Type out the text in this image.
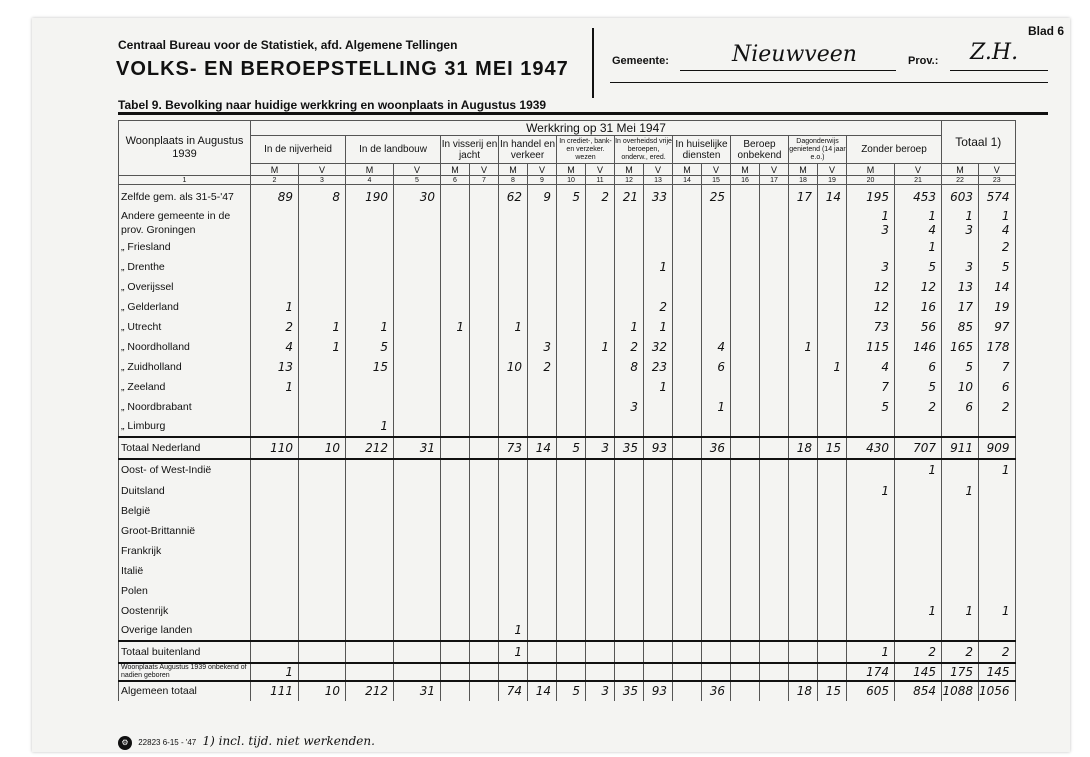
Blad 6
Centraal Bureau voor de Statistiek, afd. Algemene Tellingen
VOLKS- EN BEROEPSTELLING 31 MEI 1947	Gemeente:	Nieuwveen	Prov.: Z.H.
Tabel 9. Bevolking naar huidige werkkring en woonplaats in Augustus 1939
Woonplaats in Augustus 1939	Werkkring op 31 Mei 1947																				Totaal 1)	
	In de nijverheid		In de landbouw		In visserij en jacht		In handel en verkeer		In crediet-, bank- en verzeker. wezen		In overheidsd vrije beroepen, onderw., ered.		In huiselijke diensten		Beroep onbekend		Dagonderwijs genietend (14 jaar e.o.)		Zonder beroep			
	M	V	M	V	M	V	M	V	M	V	M	V	M	V	M	V	M	V	M	V	M	V
1	2	3	4	5	6	7	8	9	10	11	12	13	14	15	16	17	18	19	20	21	22	23
Zelfde gem. als 31-5-'47	89	8	190	30			62	9	5	2	21	33		25			17	14	195	453	603	574
Andere gemeente in de																			1	1	1	1
prov. Groningen																			3	4	3	4
„ Friesland																				1		2
„ Drenthe												1							3	5	3	5
„ Overijssel																			12	12	13	14
„ Gelderland	1											2							12	16	17	19
„ Utrecht	2	1	1		1		1				1	1							73	56	85	97
„ Noordholland	4	1	5					3		1	2	32		4			1		115	146	165	178
„ Zuidholland	13		15				10	2			8	23		6				1	4	6	5	7
„ Zeeland	1											1							7	5	10	6
„ Noordbrabant											3			1					5	2	6	2
„ Limburg			1																			
Totaal Nederland	110	10	212	31			73	14	5	3	35	93		36			18	15	430	707	911	909
Oost- of West-Indië																				1		1
Duitsland																			1		1	
België																						
Groot-Brittannië																						
Frankrijk																						
Italië																						
Polen																						
Oostenrijk																				1	1	1
Overige landen							1															
Totaal buitenland							1												1	2	2	2
Woonplaats Augustus 1939 onbekend of nadien geboren	1																		174	145	175	145
Algemeen totaal	111	10	212	31			74	14	5	3	35	93		36			18	15	605	854	1088	1056
⚙ 22823 6-15 - '47 1) incl. tijd. niet werkenden.
